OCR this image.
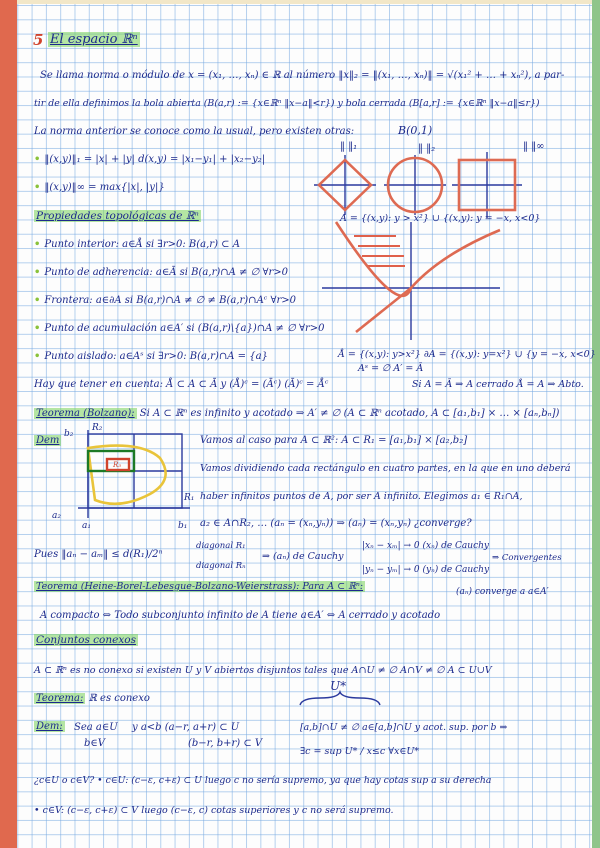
5 El espacio ℝⁿ
Se llama norma o módulo de x = (x₁, …, xₙ) ∈ ℝ al número ‖x‖₂ = ‖(x₁, …, xₙ)‖ = √(x₁² + … + xₙ²), a par-
tir de ella definimos la bola abierta (B(a,r) := {x∈ℝⁿ ‖x−a‖<r}) y bola cerrada (B[a,r] := {x∈ℝⁿ ‖x−a‖≤r})
La norma anterior se conoce como la usual, pero existen otras:
• ‖(x,y)‖₁ = |x| + |y| d(x,y) = |x₁−y₁| + |x₂−y₂|
• ‖(x,y)‖∞ = max{|x|, |y|}
B(0,1)
‖ ‖₁	‖ ‖₂	‖ ‖∞
Propiedades topológicas de ℝⁿ
• Punto interior: a∈Å si ∃r>0: B(a,r) ⊂ A
• Punto de adherencia: a∈Ā si B(a,r)∩A ≠ ∅ ∀r>0
• Frontera: a∈∂A si B(a,r)∩A ≠ ∅ ≠ B(a,r)∩Aᶜ ∀r>0
• Punto de acumulación a∈A′ si (B(a,r)\{a})∩A ≠ ∅ ∀r>0
• Punto aislado: a∈Aˢ si ∃r>0: B(a,r)∩A = {a}
A = {(x,y): y > x²} ∪ {(x,y): y = −x, x<0}
Å = {(x,y): y>x²} ∂A = {(x,y): y=x²} ∪ {y = −x, x<0}
Aˢ = ∅ A′ = Ā
Hay que tener en cuenta: Å ⊂ A ⊂ Ā y (Å)ᶜ = (Āᶜ) (Ā)ᶜ = Åᶜ	Si A = Ā ⇒ A cerrado Å = A ⇒ Abto.
Teorema (Bolzano): Si A ⊂ ℝⁿ es infinito y acotado ⇒ A′ ≠ ∅ (A ⊂ ℝⁿ acotado, A ⊂ [a₁,b₁] × … × [aₙ,bₙ])
Dem
b₂
a₂
a₁	b₁
R₁
R₂
R₃
Vamos al caso para A ⊂ ℝ²: A ⊂ R₁ = [a₁,b₁] × [a₂,b₂]
Vamos dividiendo cada rectángulo en cuatro partes, en la que en uno deberá
haber infinitos puntos de A, por ser A infinito. Elegimos a₁ ∈ R₁∩A,
a₂ ∈ A∩R₂, … (aₙ = (xₙ,yₙ)) ⇒ (aₙ) = (xₙ,yₙ) ¿converge?
Pues ‖aₙ − aₘ‖ ≤ d(R₁)/2ⁿ
diagonal R₁
diagonal Rₙ
⇒ (aₙ) de Cauchy
|xₙ − xₘ| → 0 (xₙ) de Cauchy
|yₙ − yₘ| → 0 (yₙ) de Cauchy
⇒ Convergentes
(aₙ) converge a a∈A′
Teorema (Heine-Borel-Lebesgue-Bolzano-Weierstrass): Para A ⊂ ℝⁿ:
A compacto ⇔ Todo subconjunto infinito de A tiene a∈A′ ⇔ A cerrado y acotado
Conjuntos conexos
A ⊂ ℝⁿ es no conexo si existen U y V abiertos disjuntos tales que A∩U ≠ ∅ A∩V ≠ ∅ A ⊂ U∪V
Teorema: ℝ es conexo
U*
Dem: Sea a∈U
b∈V
y a<b (a−r, a+r) ⊂ U
(b−r, b+r) ⊂ V
[a,b]∩U ≠ ∅ a∈[a,b]∩U y acot. sup. por b ⇒
∃c = sup U* / x≤c ∀x∈U*
¿c∈U o c∈V? • c∈U: (c−ε, c+ε) ⊂ U luego c no sería supremo, ya que hay cotas sup a su derecha
• c∈V: (c−ε, c+ε) ⊂ V luego (c−ε, c) cotas superiores y c no será supremo.
